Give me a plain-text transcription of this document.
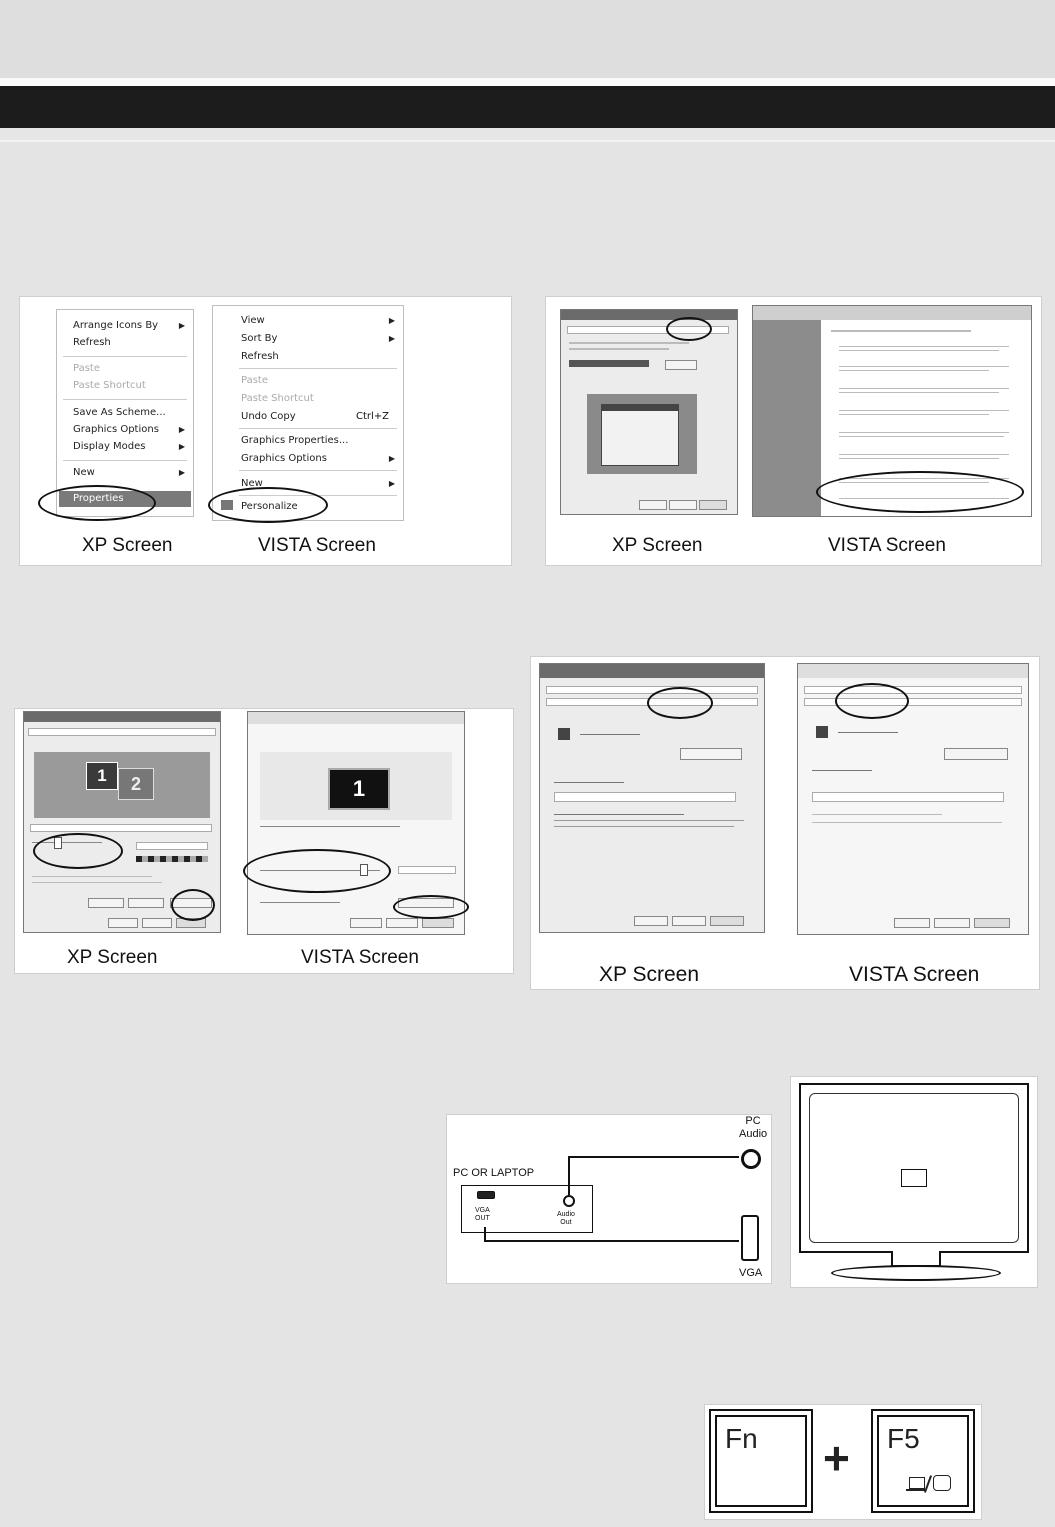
Arrange Icons By	▶
Refresh
Paste
Paste Shortcut
Save As Scheme...
Graphics Options ▶
Display Modes	▶
New	▶
Properties
View	▶
Sort By	▶
Refresh
Paste
Paste Shortcut
Undo Copy	Ctrl+Z
Graphics Properties...
Graphics Options	▶
New	▶
Personalize
XP Screen	VISTA Screen	XP Screen	VISTA Screen
1	2	1
XP Screen	VISTA Screen
XP Screen	VISTA Screen
PC OR LAPTOP
VGA
OUT
Audio
Out
PC
Audio
VGA
Fn + F5
